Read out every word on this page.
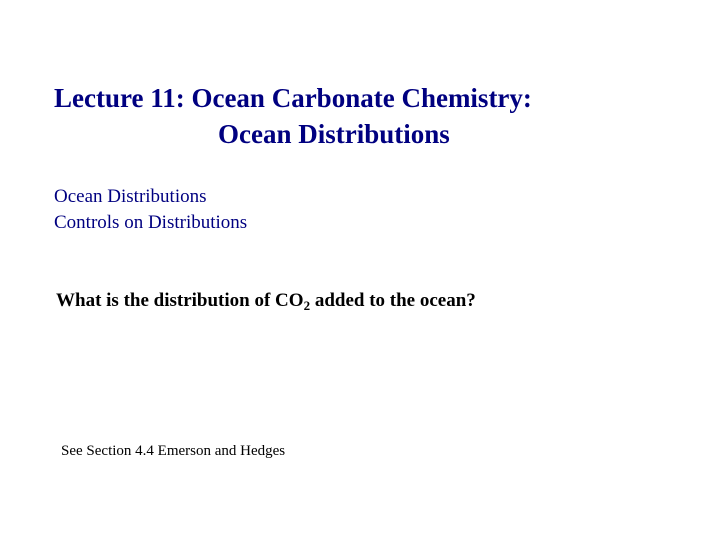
Lecture 11: Ocean Carbonate Chemistry:
Ocean Distributions
Ocean Distributions
Controls on Distributions
What is the distribution of $CO_2$ added to the ocean?
See Section 4.4 Emerson and Hedges
